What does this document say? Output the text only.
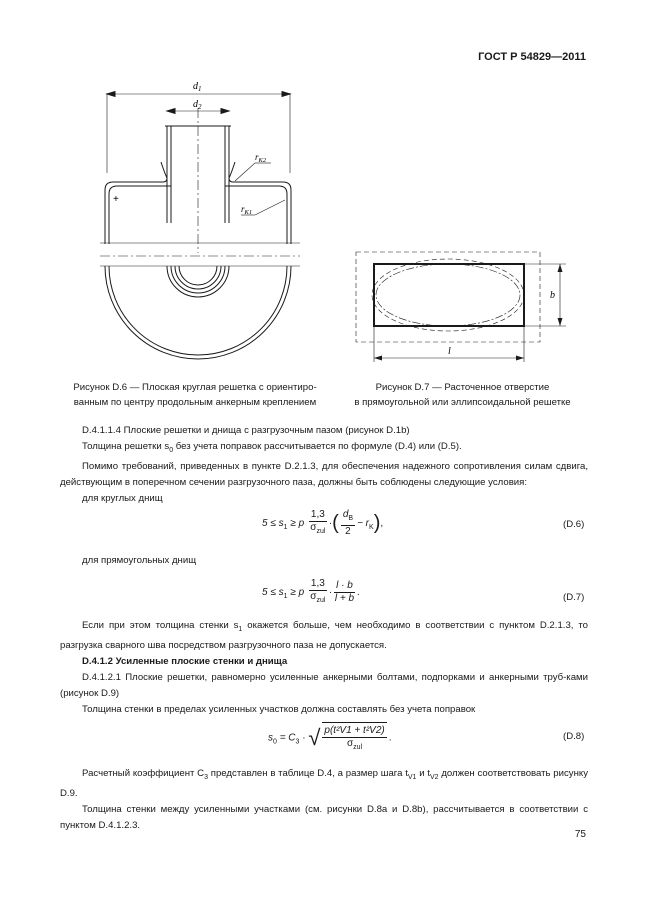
ГОСТ Р 54829—2011
$d_1$
$d_2$
$r_{K2}$
$r_{K1}$
+
b
l
Рисунок D.6 — Плоская круглая решетка с ориентиро-
ванным по центру продольным анкерным креплением
Рисунок D.7 — Расточенное отверстие
в прямоугольной или эллипсоидальной решетке
D.4.1.1.4 Плоские решетки и днища с разгрузочным пазом (рисунок D.1b)
Толщина решетки $s_0$ без учета поправок рассчитывается по формуле (D.4) или (D.5).
Помимо требований, приведенных в пункте D.2.1.3, для обеспечения надежного сопротивления силам сдвига, действующим в поперечном сечении разгрузочного паза, должны быть соблюдены следующие условия:
для круглых днищ
$5 \le s_1 \ge p \frac{1,3}{\sigma_{zul}}$ ·( $\frac{d_B}{2} - r_K$),	(D.6)
для прямоугольных днищ
$5 \le s_1 \ge p \frac{1,3}{\sigma_{zul}} \cdot \frac{l \cdot b}{l + b}$ .	(D.7)
Если при этом толщина стенки $s_1$ окажется больше, чем необходимо в соответствии с пунктом D.2.1.3, то разгрузка сварного шва посредством разгрузочного паза не допускается.
D.4.1.2 Усиленные плоские стенки и днища
D.4.1.2.1 Плоские решетки, равномерно усиленные анкерными болтами, подпорками и анкерными труб-ками (рисунок D.9)
Толщина стенки в пределах усиленных участков должна составлять без учета поправок
$s_0 = C_3$ · √ $\frac{\text{p(t²V1 + t²V2)}}{\sigma_{zul}}$ .	(D.8)
Расчетный коэффициент $C_3$ представлен в таблице D.4, а размер шага $t_{V1}$ и $t_{V2}$ должен соответствовать рисунку D.9.
Толщина стенки между усиленными участками (см. рисунки D.8a и D.8b), рассчитывается в соответствии с пунктом D.4.1.2.3.
75
